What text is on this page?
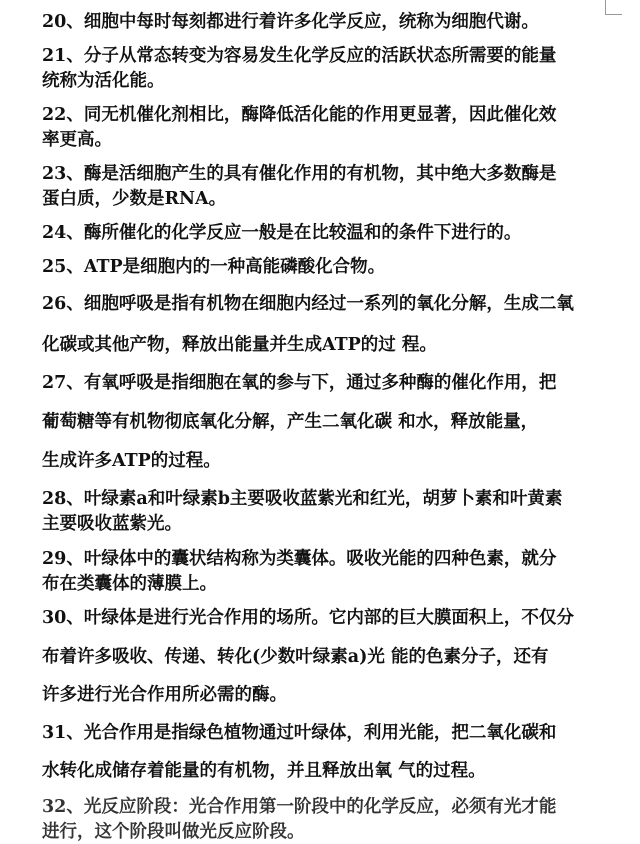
20、细胞中每时每刻都进行着许多化学反应，统称为细胞代谢。
21、分子从常态转变为容易发生化学反应的活跃状态所需要的能量
统称为活化能。
22、同无机催化剂相比，酶降低活化能的作用更显著，因此催化效
率更高。
23、酶是活细胞产生的具有催化作用的有机物，其中绝大多数酶是
蛋白质，少数是RNA。
24、酶所催化的化学反应一般是在比较温和的条件下进行的。
25、ATP是细胞内的一种高能磷酸化合物。
26、细胞呼吸是指有机物在细胞内经过一系列的氧化分解，生成二氧
化碳或其他产物，释放出能量并生成ATP的过 程。
27、有氧呼吸是指细胞在氧的参与下，通过多种酶的催化作用，把
葡萄糖等有机物彻底氧化分解，产生二氧化碳 和水，释放能量，
生成许多ATP的过程。
28、叶绿素a和叶绿素b主要吸收蓝紫光和红光，胡萝卜素和叶黄素
主要吸收蓝紫光。
29、叶绿体中的囊状结构称为类囊体。吸收光能的四种色素，就分
布在类囊体的薄膜上。
30、叶绿体是进行光合作用的场所。它内部的巨大膜面积上，不仅分
布着许多吸收、传递、转化(少数叶绿素a)光 能的色素分子，还有
许多进行光合作用所必需的酶。
31、光合作用是指绿色植物通过叶绿体，利用光能，把二氧化碳和
水转化成储存着能量的有机物，并且释放出氧 气的过程。
32、光反应阶段：光合作用第一阶段中的化学反应，必须有光才能
进行，这个阶段叫做光反应阶段。
